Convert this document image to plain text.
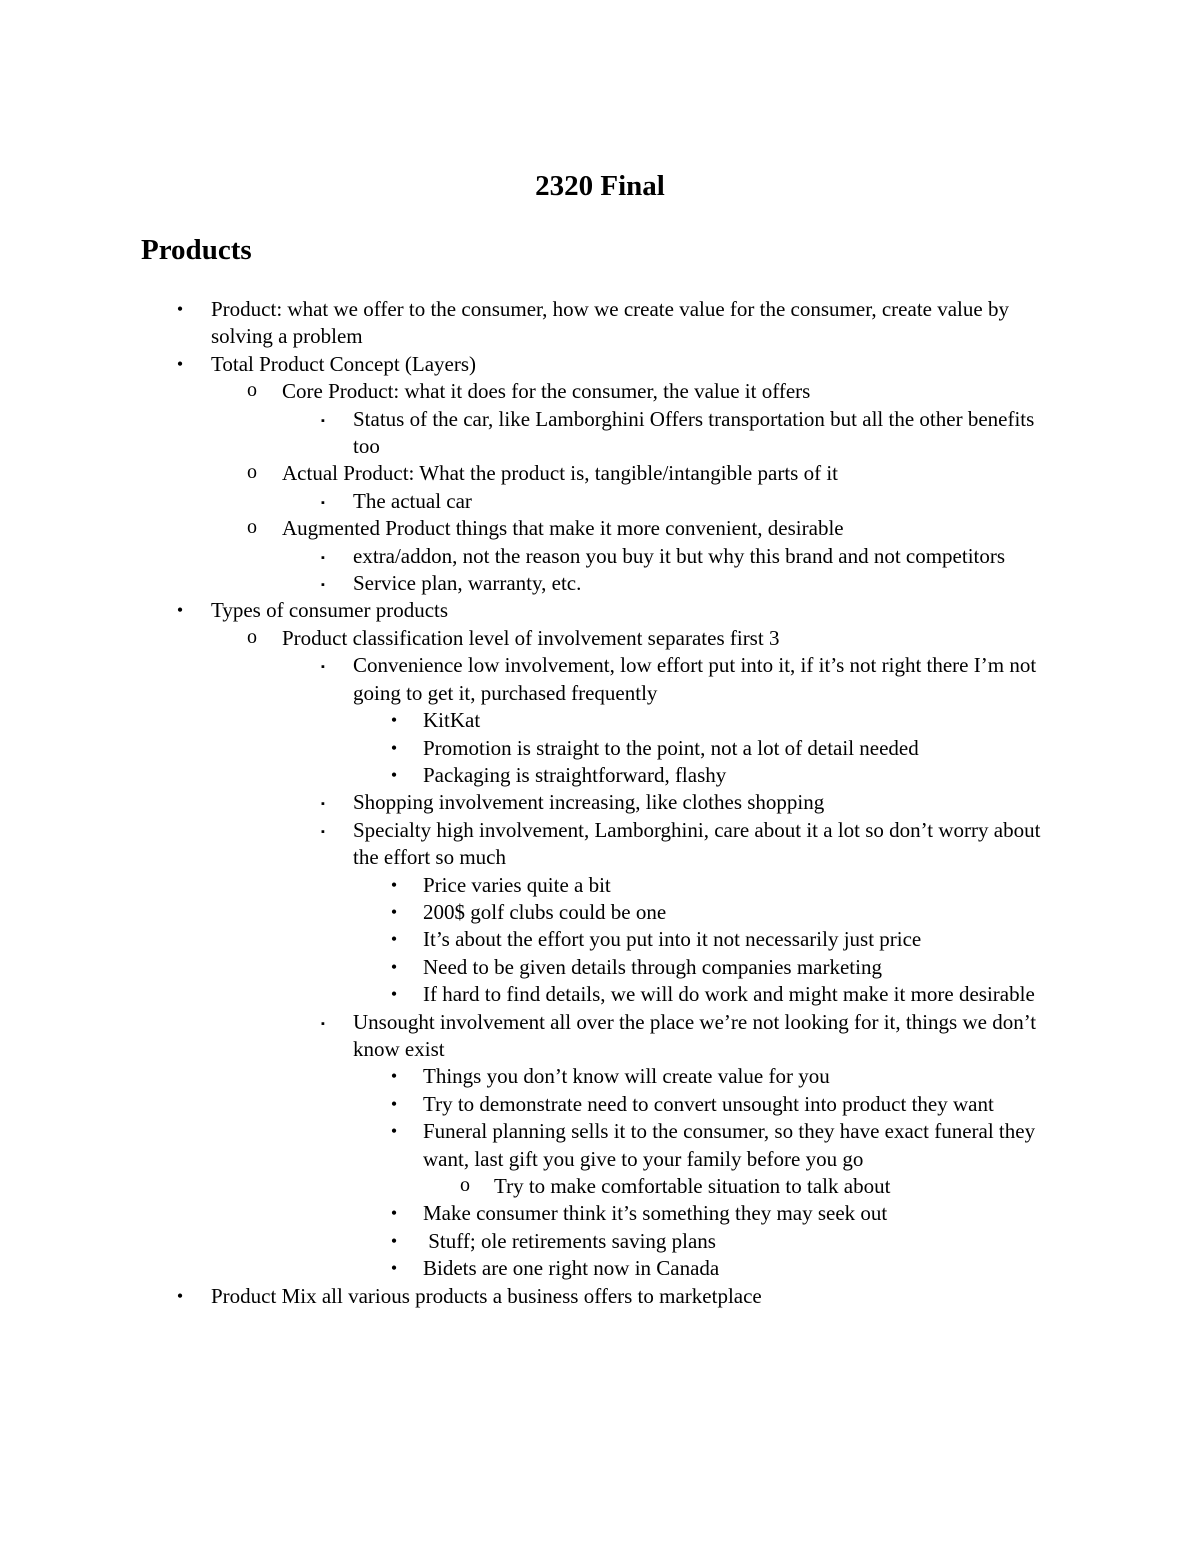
2320 Final
Products
•	Product: what we offer to the consumer, how we create value for the consumer, create value by solving a problem
•	Total Product Concept (Layers)
o Core Product: what it does for the consumer, the value it offers
▪	Status of the car, like Lamborghini Offers transportation but all the other benefits too
o Actual Product: What the product is, tangible/intangible parts of it
▪	The actual car
o Augmented Product things that make it more convenient, desirable
▪	extra/addon, not the reason you buy it but why this brand and not competitors
▪	Service plan, warranty, etc.
•	Types of consumer products
o Product classification level of involvement separates first 3
▪	Convenience low involvement, low effort put into it, if it’s not right there I’m not going to get it, purchased frequently
•	KitKat
•	Promotion is straight to the point, not a lot of detail needed
•	Packaging is straightforward, flashy
▪	Shopping involvement increasing, like clothes shopping
▪	Specialty high involvement, Lamborghini, care about it a lot so don’t worry about the effort so much
•	Price varies quite a bit
•	200$ golf clubs could be one
•	It’s about the effort you put into it not necessarily just price
•	Need to be given details through companies marketing
•	If hard to find details, we will do work and might make it more desirable
▪	Unsought involvement all over the place we’re not looking for it, things we don’t know exist
•	Things you don’t know will create value for you
•	Try to demonstrate need to convert unsought into product they want
•	Funeral planning sells it to the consumer, so they have exact funeral they want, last gift you give to your family before you go
o Try to make comfortable situation to talk about
•	Make consumer think it’s something they may seek out
•	Stuff; ole retirements saving plans
•	Bidets are one right now in Canada
•	Product Mix all various products a business offers to marketplace
